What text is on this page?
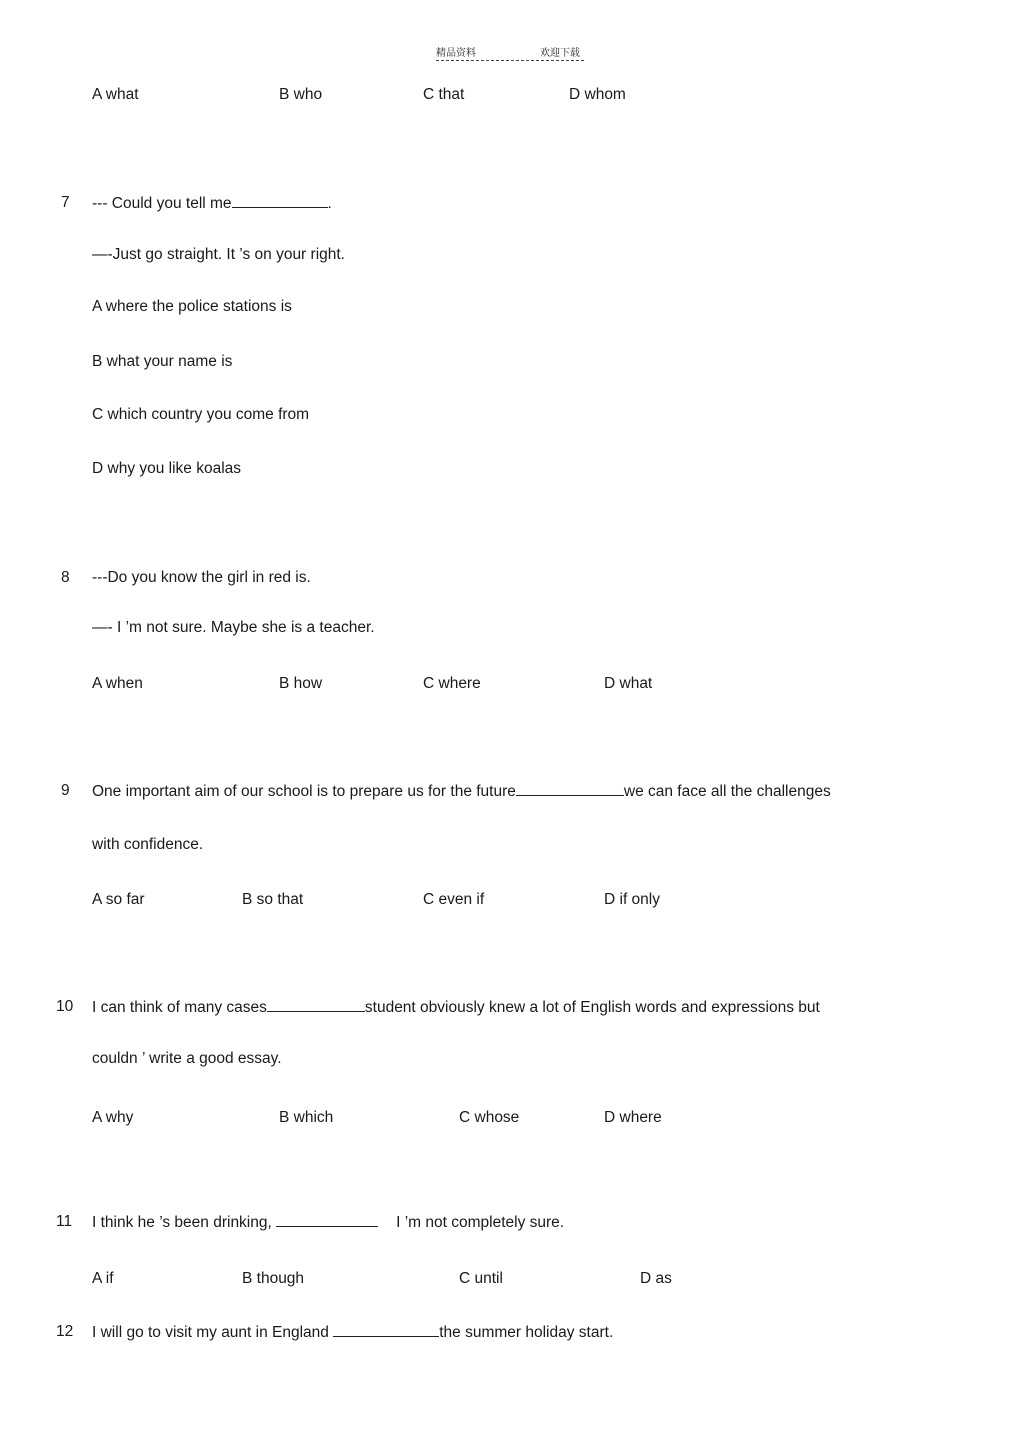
精品资料	欢迎下载
A what	B who	C that	D whom
7 --- Could you tell me	.
—-Just go straight. It ’s on your right.
A where the police stations is
B what your name is
C which country you come from
D why you like koalas
8 ---Do you know the girl in red is.
—- I ’m not sure. Maybe she is a teacher.
A when	B how	C where	D what
9 One important aim of our school is to prepare us for the future	we can face all the challenges
with confidence.
A so far	B so that	C even if	D if only
10 I can think of many cases	student obviously knew a lot of English words and expressions but
couldn ’ write a good essay.
A why	B which	C whose	D where
11 I think he ’s been drinking,	I ’m not completely sure.
A if	B though	C until	D as
12 I will go to visit my aunt in England	the summer holiday start.
